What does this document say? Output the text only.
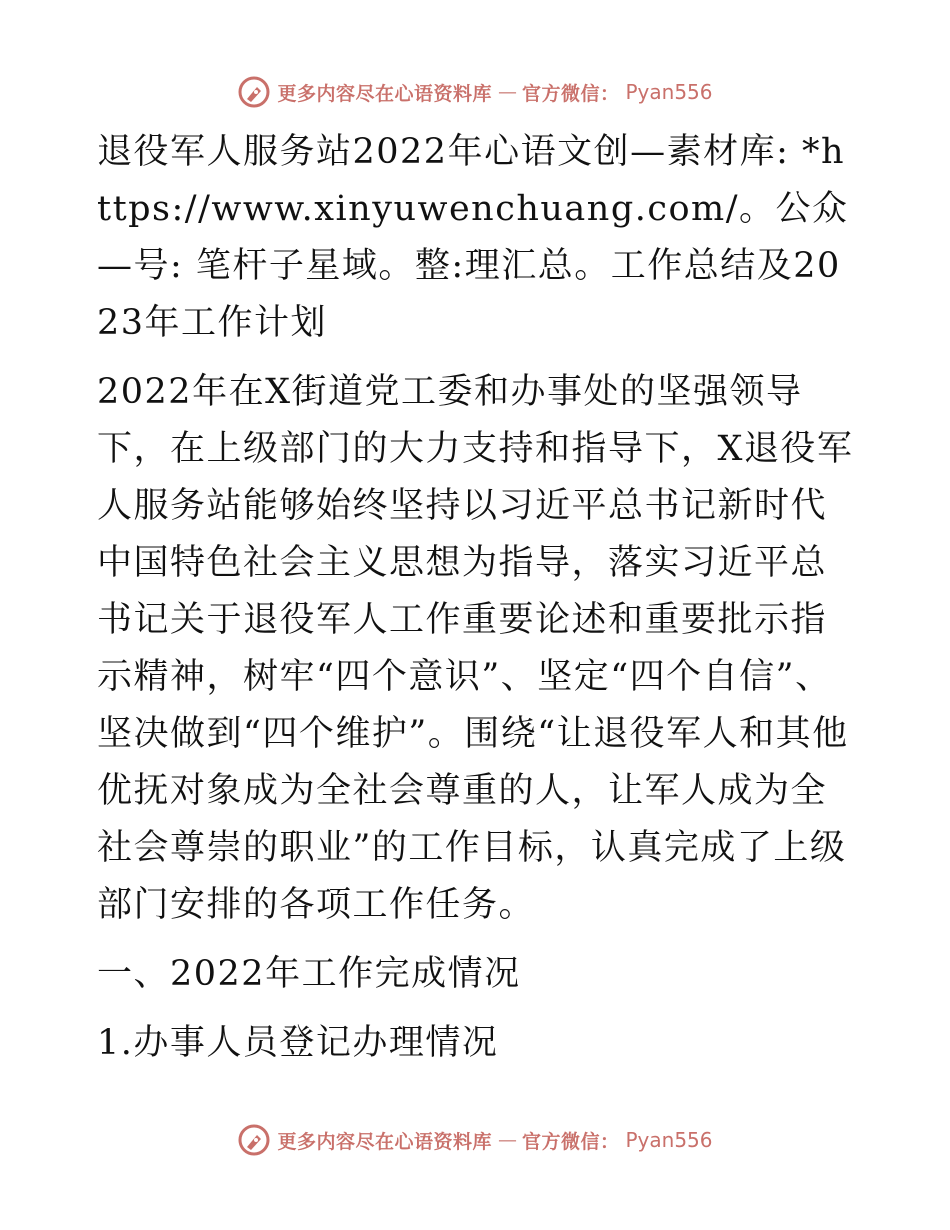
更多内容尽在心语资料库 — 官方微信： Pyan556

退役军人服务站2022年心语文创—素材库: *https://www.xinyuwenchuang.com/。公众—号: 笔杆子星域。整:理汇总。工作总结及2023年工作计划

2022年在X街道党工委和办事处的坚强领导下，在上级部门的大力支持和指导下，X退役军人服务站能够始终坚持以习近平总书记新时代中国特色社会主义思想为指导，落实习近平总书记关于退役军人工作重要论述和重要批示指示精神，树牢“四个意识”、坚定“四个自信”、坚决做到“四个维护”。围绕“让退役军人和其他优抚对象成为全社会尊重的人，让军人成为全社会尊崇的职业”的工作目标，认真完成了上级部门安排的各项工作任务。

一、2022年工作完成情况

1.办事人员登记办理情况

更多内容尽在心语资料库 — 官方微信： Pyan556
